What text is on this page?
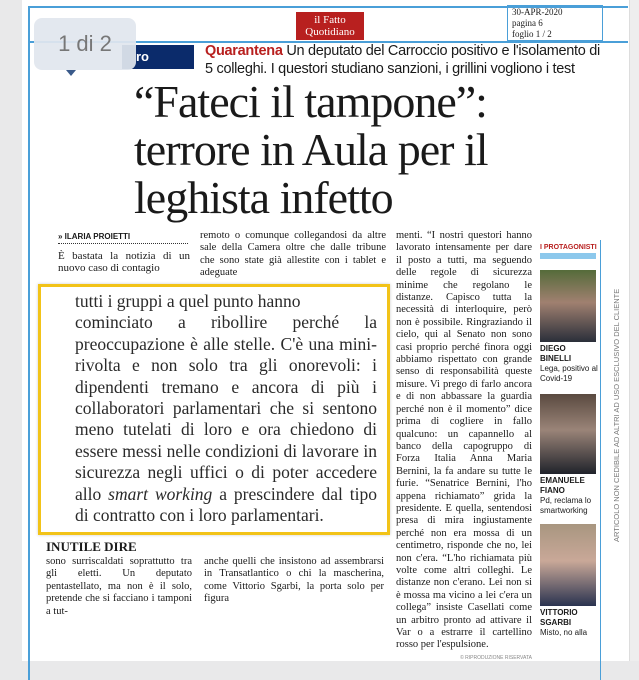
il Fatto Quotidiano
30-APR-2020
pagina 6
foglio 1 / 2
ro	Quarantena Un deputato del Carroccio positivo e l'isolamento di 5 colleghi. I questori studiano sanzioni, i grillini vogliono i test
“Fateci il tampone”: terrore in Aula per il leghista infetto
» ILARIA PROIETTI
È bastata la notizia di un nuovo caso di contagio
remoto o comunque collegandosi da altre sale della Camera oltre che dalle tribune che sono state già allestite con i tablet e adeguate
menti. “I nostri questori hanno lavorato intensamente per dare il posto a tutti, ma seguendo delle regole di sicurezza minime che regolano le distanze. Capisco tutta la necessità di interloquire, però non è possibile. Ringraziando il cielo, qui al Senato non sono casi proprio perché finora oggi abbiamo rispettato con grande senso di responsabilità queste misure. Vi prego di farlo ancora e di non abbassare la guardia perché non è il momento” dice prima di cogliere in fallo qualcuno: un capannello al banco della capogruppo di Forza Italia Anna Maria Bernini, la fa andare su tutte le furie. “Senatrice Bernini, l'ho appena richiamato” grida la presidente. E quella, sentendosi presa di mira ingiustamente perché non era mossa di un centimetro, risponde che no, lei non c'era. “L'ho richiamata più volte come altri colleghi. Le distanze non c'erano. Lei non si è mossa ma vicino a lei c'era un collega” insiste Casellati come un arbitro pronto ad attivare il Var o a estrarre il cartellino rosso per l'espulsione.
© RIPRODUZIONE RISERVATA
INUTILE DIRE
sono surriscaldati soprattutto tra gli eletti. Un deputato pentastellato, ma non è il solo, pretende che si facciano i tamponi a tut-
anche quelli che insistono ad assembrarsi in Transatlantico o chi la mascherina, come Vittorio Sgarbi, la porta solo per figura
I PROTAGONISTI
DIEGO BINELLI
Lega, positivo al Covid-19
EMANUELE FIANO
Pd, reclama lo smartworking
VITTORIO SGARBI
Misto, no alla
ARTICOLO NON CEDIBILE AD ALTRI AD USO ESCLUSIVO DEL CLIENTE
tutti i gruppi a quel punto hanno
cominciato a ribollire perché la preoccupazione è alle stelle. C'è una mini-rivolta e non solo tra gli onorevoli: i dipendenti tremano e ancora di più i collaboratori parlamentari che si sentono meno tutelati di loro e ora chiedono di essere messi nelle condizioni di lavorare in sicurezza negli uffici o di poter accedere allo smart working a prescindere dal tipo di contratto con i loro parlamentari.
1 di 2
